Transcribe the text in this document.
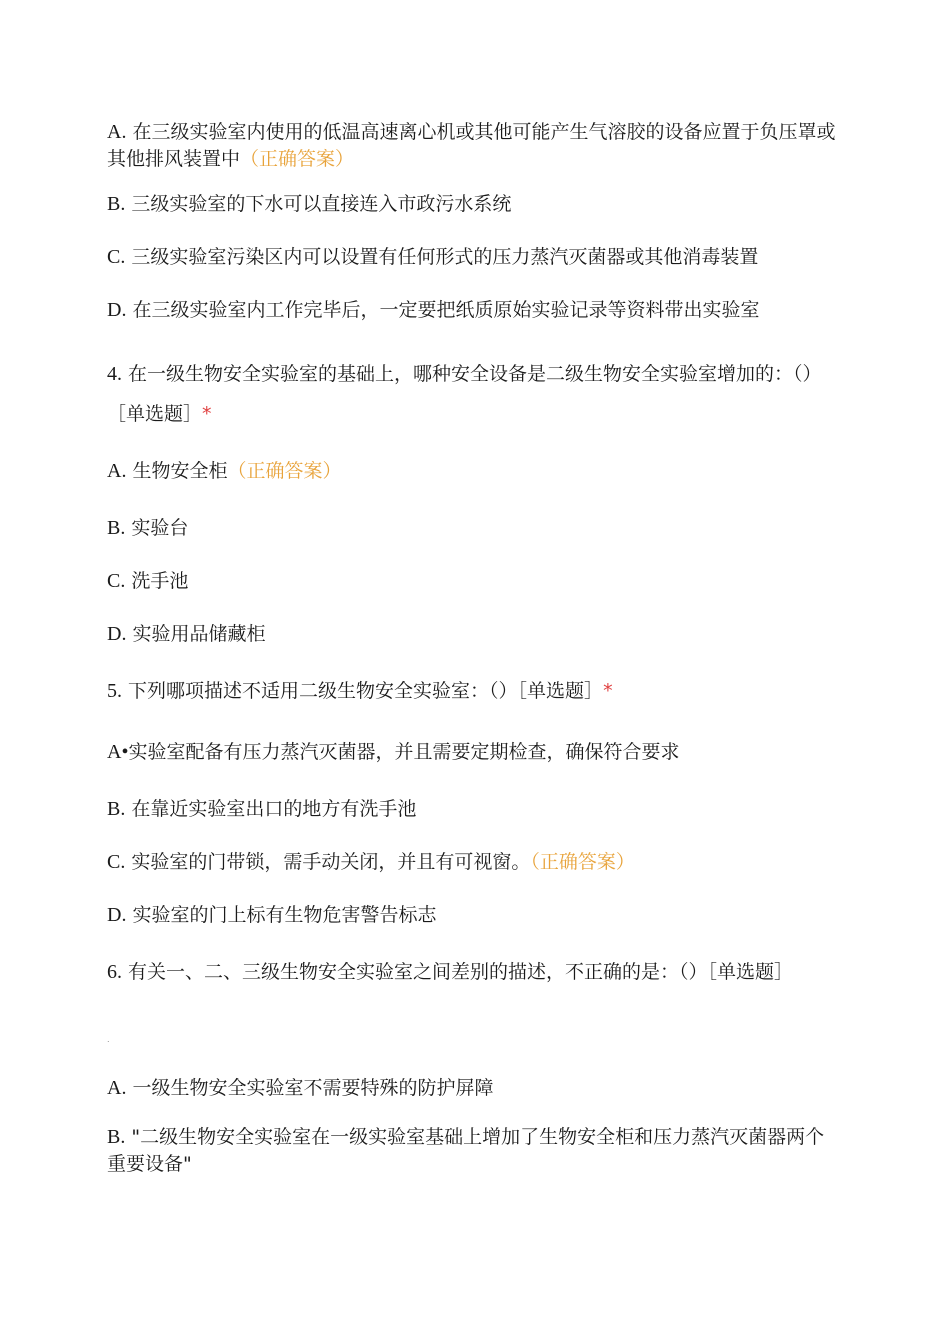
A. 在三级实验室内使用的低温高速离心机或其他可能产生气溶胶的设备应置于负压罩或其他排风装置中（正确答案）
B. 三级实验室的下水可以直接连入市政污水系统
C. 三级实验室污染区内可以设置有任何形式的压力蒸汽灭菌器或其他消毒装置
D. 在三级实验室内工作完毕后，一定要把纸质原始实验记录等资料带出实验室
4. 在一级生物安全实验室的基础上，哪种安全设备是二级生物安全实验室增加的：（）［单选题］*
A. 生物安全柜（正确答案）
B. 实验台
C. 洗手池
D. 实验用品储藏柜
5. 下列哪项描述不适用二级生物安全实验室：（）［单选题］*
A•实验室配备有压力蒸汽灭菌器，并且需要定期检查，确保符合要求
B. 在靠近实验室出口的地方有洗手池
C. 实验室的门带锁，需手动关闭，并且有可视窗。（正确答案）
D. 实验室的门上标有生物危害警告标志
6. 有关一、二、三级生物安全实验室之间差别的描述，不正确的是：（）［单选题］
.
A. 一级生物安全实验室不需要特殊的防护屏障
B. "二级生物安全实验室在一级实验室基础上增加了生物安全柜和压力蒸汽灭菌器两个重要设备"
